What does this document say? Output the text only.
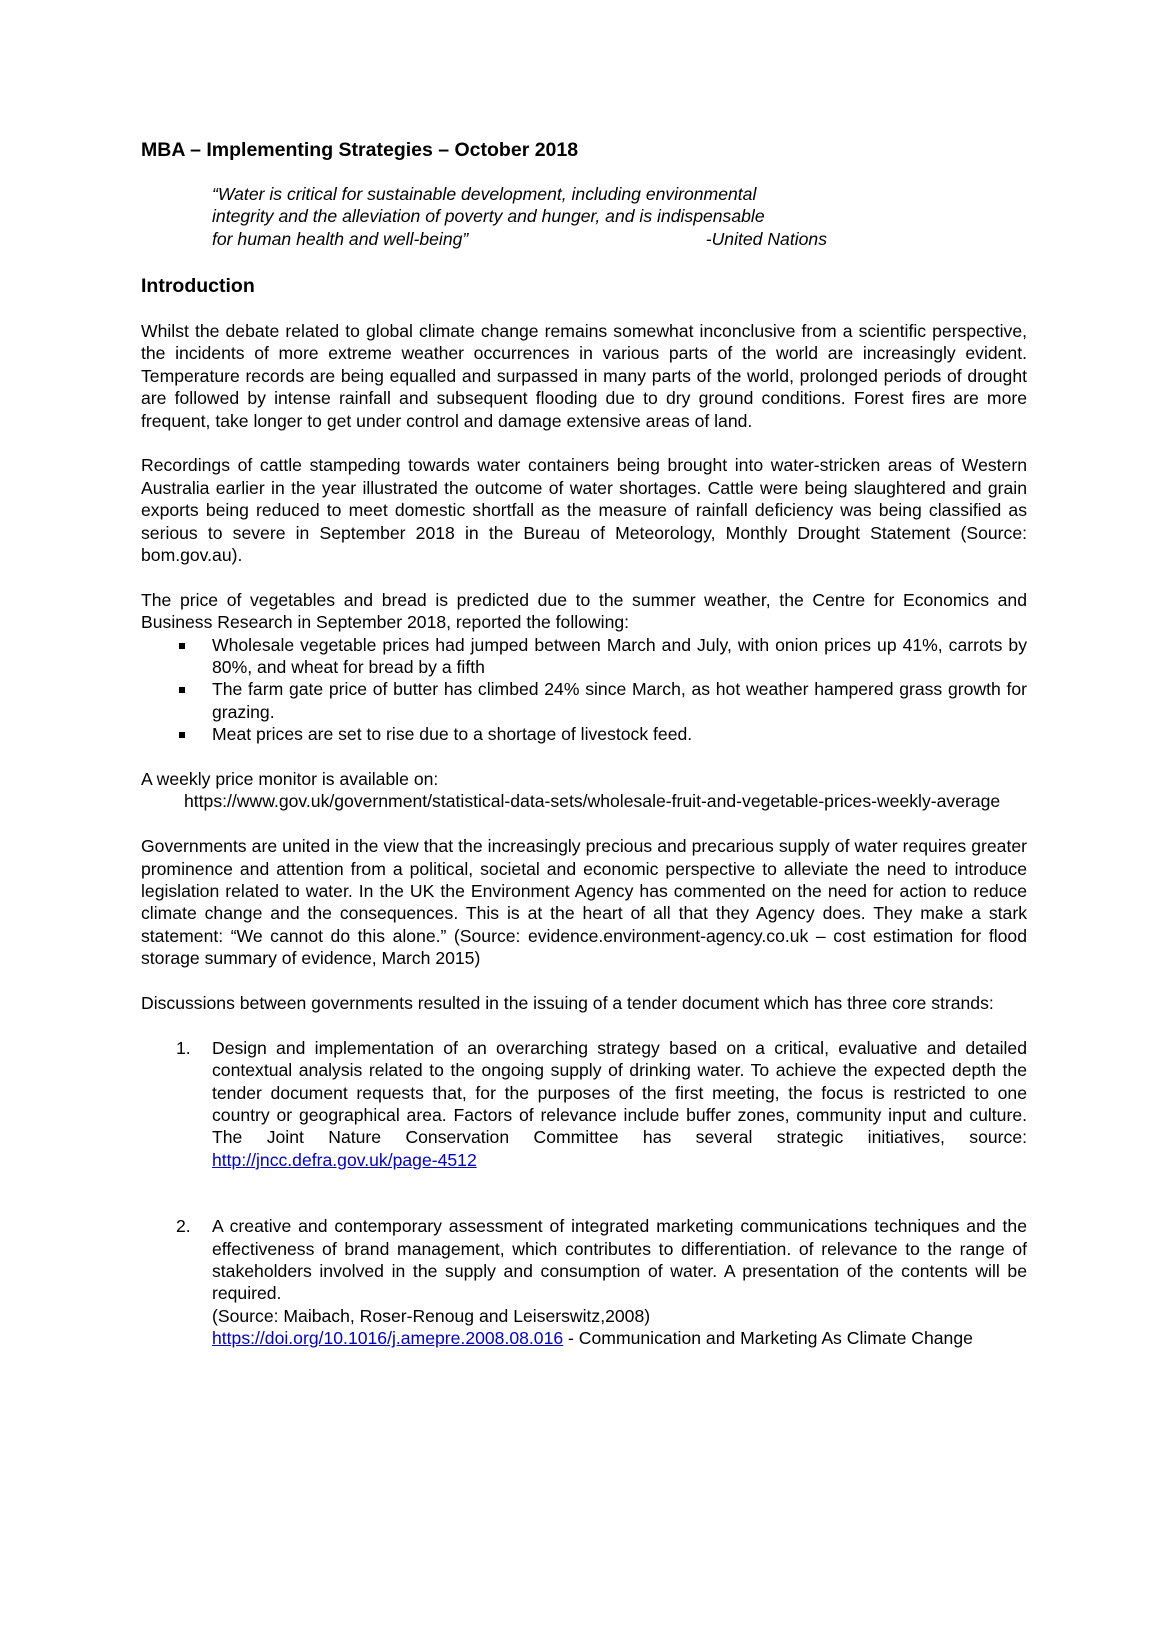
MBA – Implementing Strategies – October 2018
“Water is critical for sustainable development, including environmental
integrity and the alleviation of poverty and hunger, and is indispensable
for human health and well-being”	-United Nations
Introduction

Whilst the debate related to global climate change remains somewhat inconclusive from a scientific perspective, the incidents of more extreme weather occurrences in various parts of the world are increasingly evident. Temperature records are being equalled and surpassed in many parts of the world, prolonged periods of drought are followed by intense rainfall and subsequent flooding due to dry ground conditions. Forest fires are more frequent, take longer to get under control and damage extensive areas of land.

Recordings of cattle stampeding towards water containers being brought into water-stricken areas of Western Australia earlier in the year illustrated the outcome of water shortages. Cattle were being slaughtered and grain exports being reduced to meet domestic shortfall as the measure of rainfall deficiency was being classified as serious to severe in September 2018 in the Bureau of Meteorology, Monthly Drought Statement (Source: bom.gov.au).

The price of vegetables and bread is predicted due to the summer weather, the Centre for Economics and Business Research in September 2018, reported the following:

Wholesale vegetable prices had jumped between March and July, with onion prices up 41%, carrots by 80%, and wheat for bread by a fifth
The farm gate price of butter has climbed 24% since March, as hot weather hampered grass growth for grazing.
Meat prices are set to rise due to a shortage of livestock feed.

A weekly price monitor is available on:

https://www.gov.uk/government/statistical-data-sets/wholesale-fruit-and-vegetable-prices-weekly-average

Governments are united in the view that the increasingly precious and precarious supply of water requires greater prominence and attention from a political, societal and economic perspective to alleviate the need to introduce legislation related to water. In the UK the Environment Agency has commented on the need for action to reduce climate change and the consequences. This is at the heart of all that they Agency does. They make a stark statement: “We cannot do this alone.” (Source: evidence.environment-agency.co.uk – cost estimation for flood storage summary of evidence, March 2015)

Discussions between governments resulted in the issuing of a tender document which has three core strands:

1. Design and implementation of an overarching strategy based on a critical, evaluative and detailed contextual analysis related to the ongoing supply of drinking water. To achieve the expected depth the tender document requests that, for the purposes of the first meeting, the focus is restricted to one country or geographical area. Factors of relevance include buffer zones, community input and culture. The Joint Nature Conservation Committee has several strategic initiatives, source: http://jncc.defra.gov.uk/page-4512
2. A creative and contemporary assessment of integrated marketing communications techniques and the effectiveness of brand management, which contributes to differentiation. of relevance to the range of stakeholders involved in the supply and consumption of water. A presentation of the contents will be required.
(Source: Maibach, Roser-Renoug and Leiserswitz,2008)
https://doi.org/10.1016/j.amepre.2008.08.016 - Communication and Marketing As Climate Change
